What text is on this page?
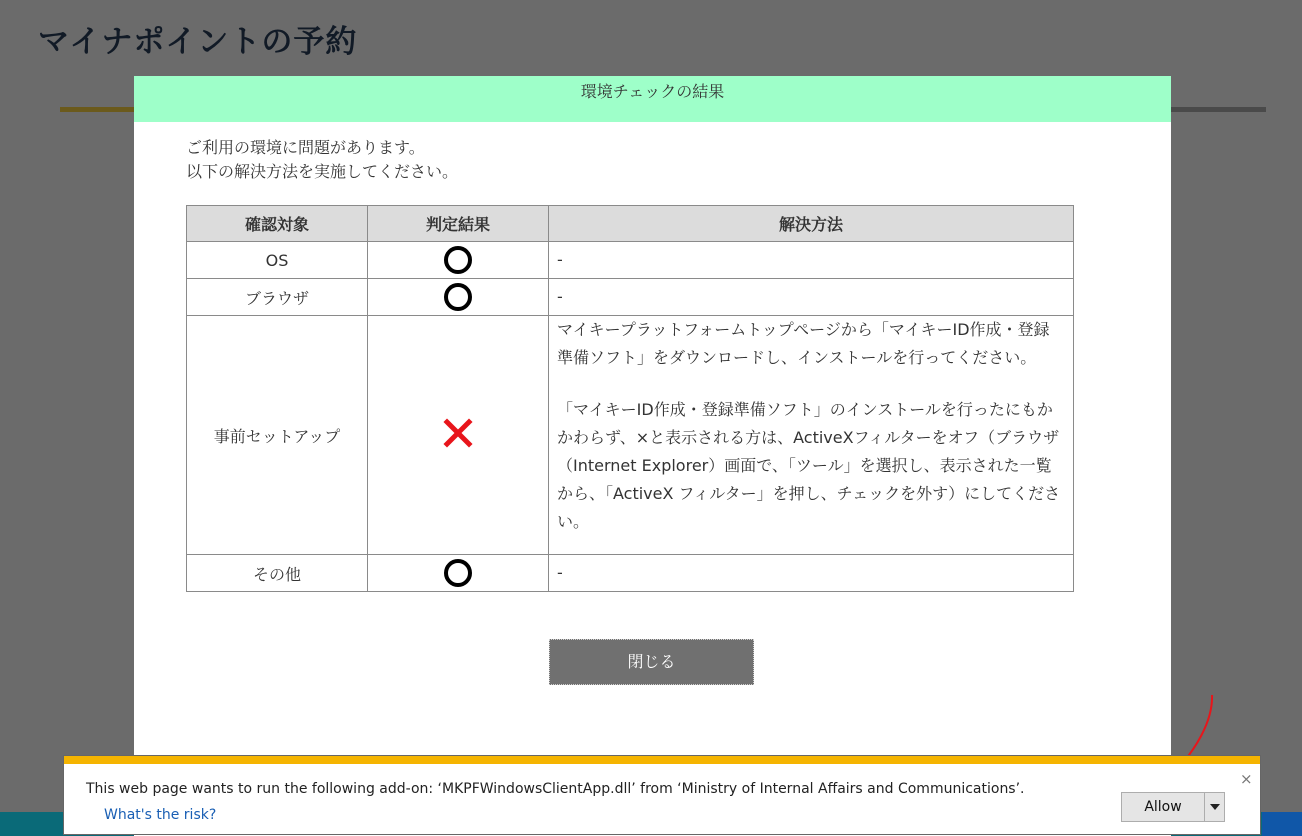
マイナポイントの予約
環境チェックの結果
ご利用の環境に問題があります。
以下の解決方法を実施してください。
確認対象	判定結果	解決方法
OS		-
ブラウザ		-
事前セットアップ		マイキープラットフォームトップページから「マイキーID作成・登録準備ソフト」をダウンロードし、インストールを行ってください。

「マイキーID作成・登録準備ソフト」のインストールを行ったにもかかわらず、×と表示される方は、ActiveXフィルターをオフ（ブラウザ（Internet Explorer）画面で、「ツール」を選択し、表示された一覧から、「ActiveX フィルター」を押し、チェックを外す）にしてください。

その他		-
閉じる
This web page wants to run the following add-on: ‘MKPFWindowsClientApp.dll’ from ‘Ministry of Internal Affairs and Communications’.
What's the risk?
×
Allow
